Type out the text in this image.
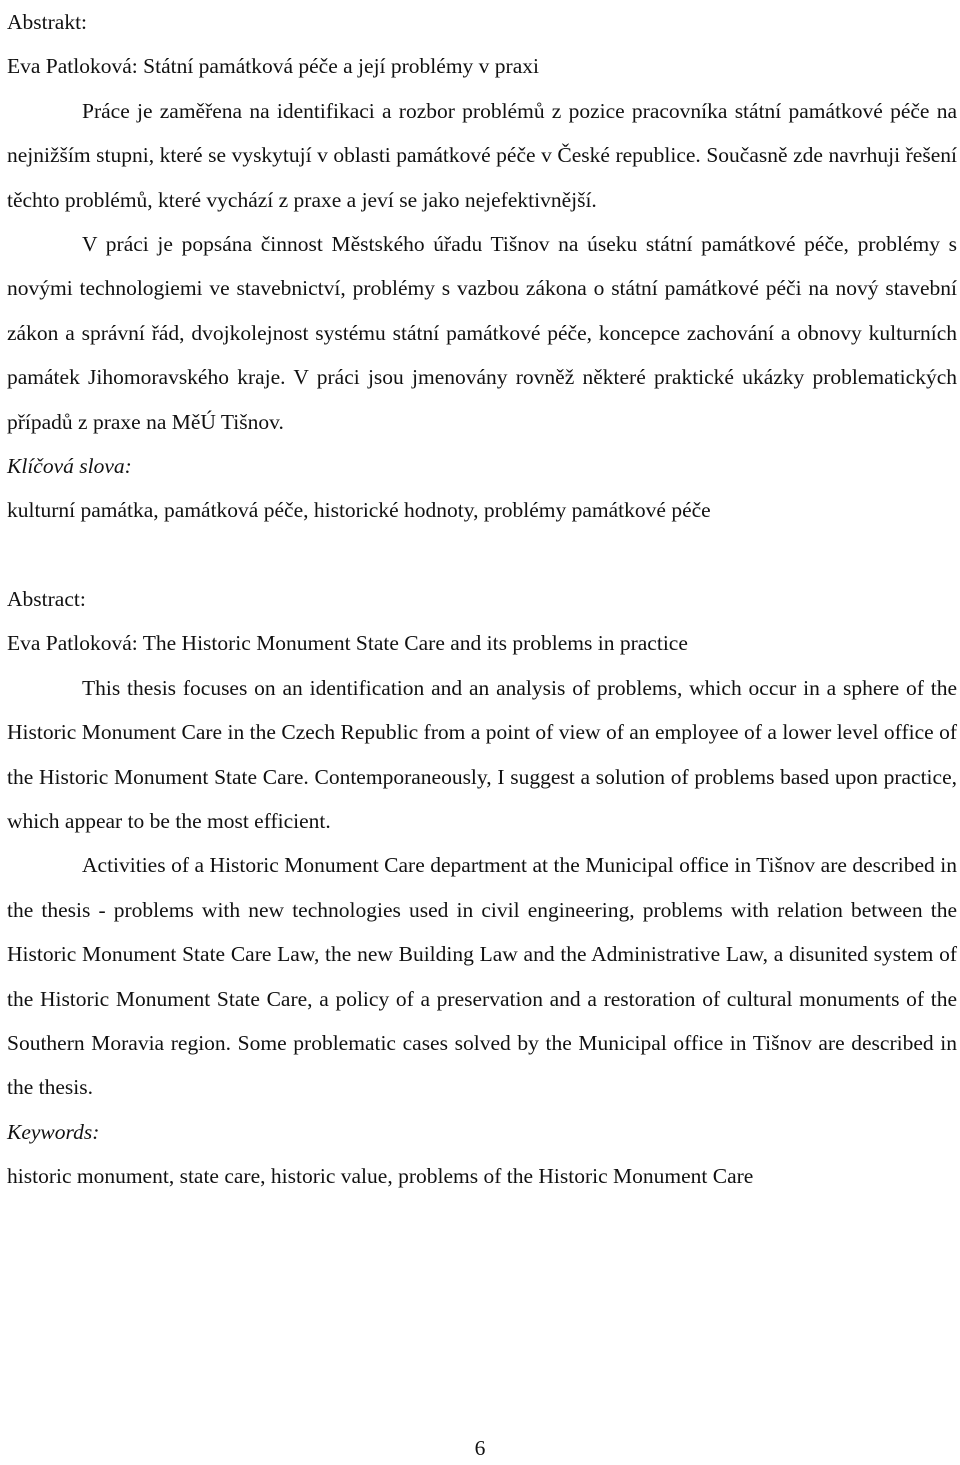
Abstrakt:

Eva Patloková: Státní památková péče a její problémy v praxi

Práce je zaměřena na identifikaci a rozbor problémů z pozice pracovníka státní památkové péče na nejnižším stupni, které se vyskytují v oblasti památkové péče v České republice. Současně zde navrhuji řešení těchto problémů, které vychází z praxe a jeví se jako nejefektivnější.

V práci je popsána činnost Městského úřadu Tišnov na úseku státní památkové péče, problémy s novými technologiemi ve stavebnictví, problémy s vazbou zákona o státní památkové péči na nový stavební zákon a správní řád, dvojkolejnost systému státní památkové péče, koncepce zachování a obnovy kulturních památek Jihomoravského kraje. V práci jsou jmenovány rovněž některé praktické ukázky problematických případů z praxe na MěÚ Tišnov.

Klíčová slova:

kulturní památka, památková péče, historické hodnoty, problémy památkové péče

Abstract:

Eva Patloková: The Historic Monument State Care and its problems in practice

This thesis focuses on an identification and an analysis of problems, which occur in a sphere of the Historic Monument Care in the Czech Republic from a point of view of an employee of a lower level office of the Historic Monument State Care. Contemporaneously, I suggest a solution of problems based upon practice, which appear to be the most efficient.

Activities of a Historic Monument Care department at the Municipal office in Tišnov are described in the thesis - problems with new technologies used in civil engineering, problems with relation between the Historic Monument State Care Law, the new Building Law and the Administrative Law, a disunited system of the Historic Monument State Care, a policy of a preservation and a restoration of cultural monuments of the Southern Moravia region. Some problematic cases solved by the Municipal office in Tišnov are described in the thesis.

Keywords:

historic monument, state care, historic value, problems of the Historic Monument Care

6
